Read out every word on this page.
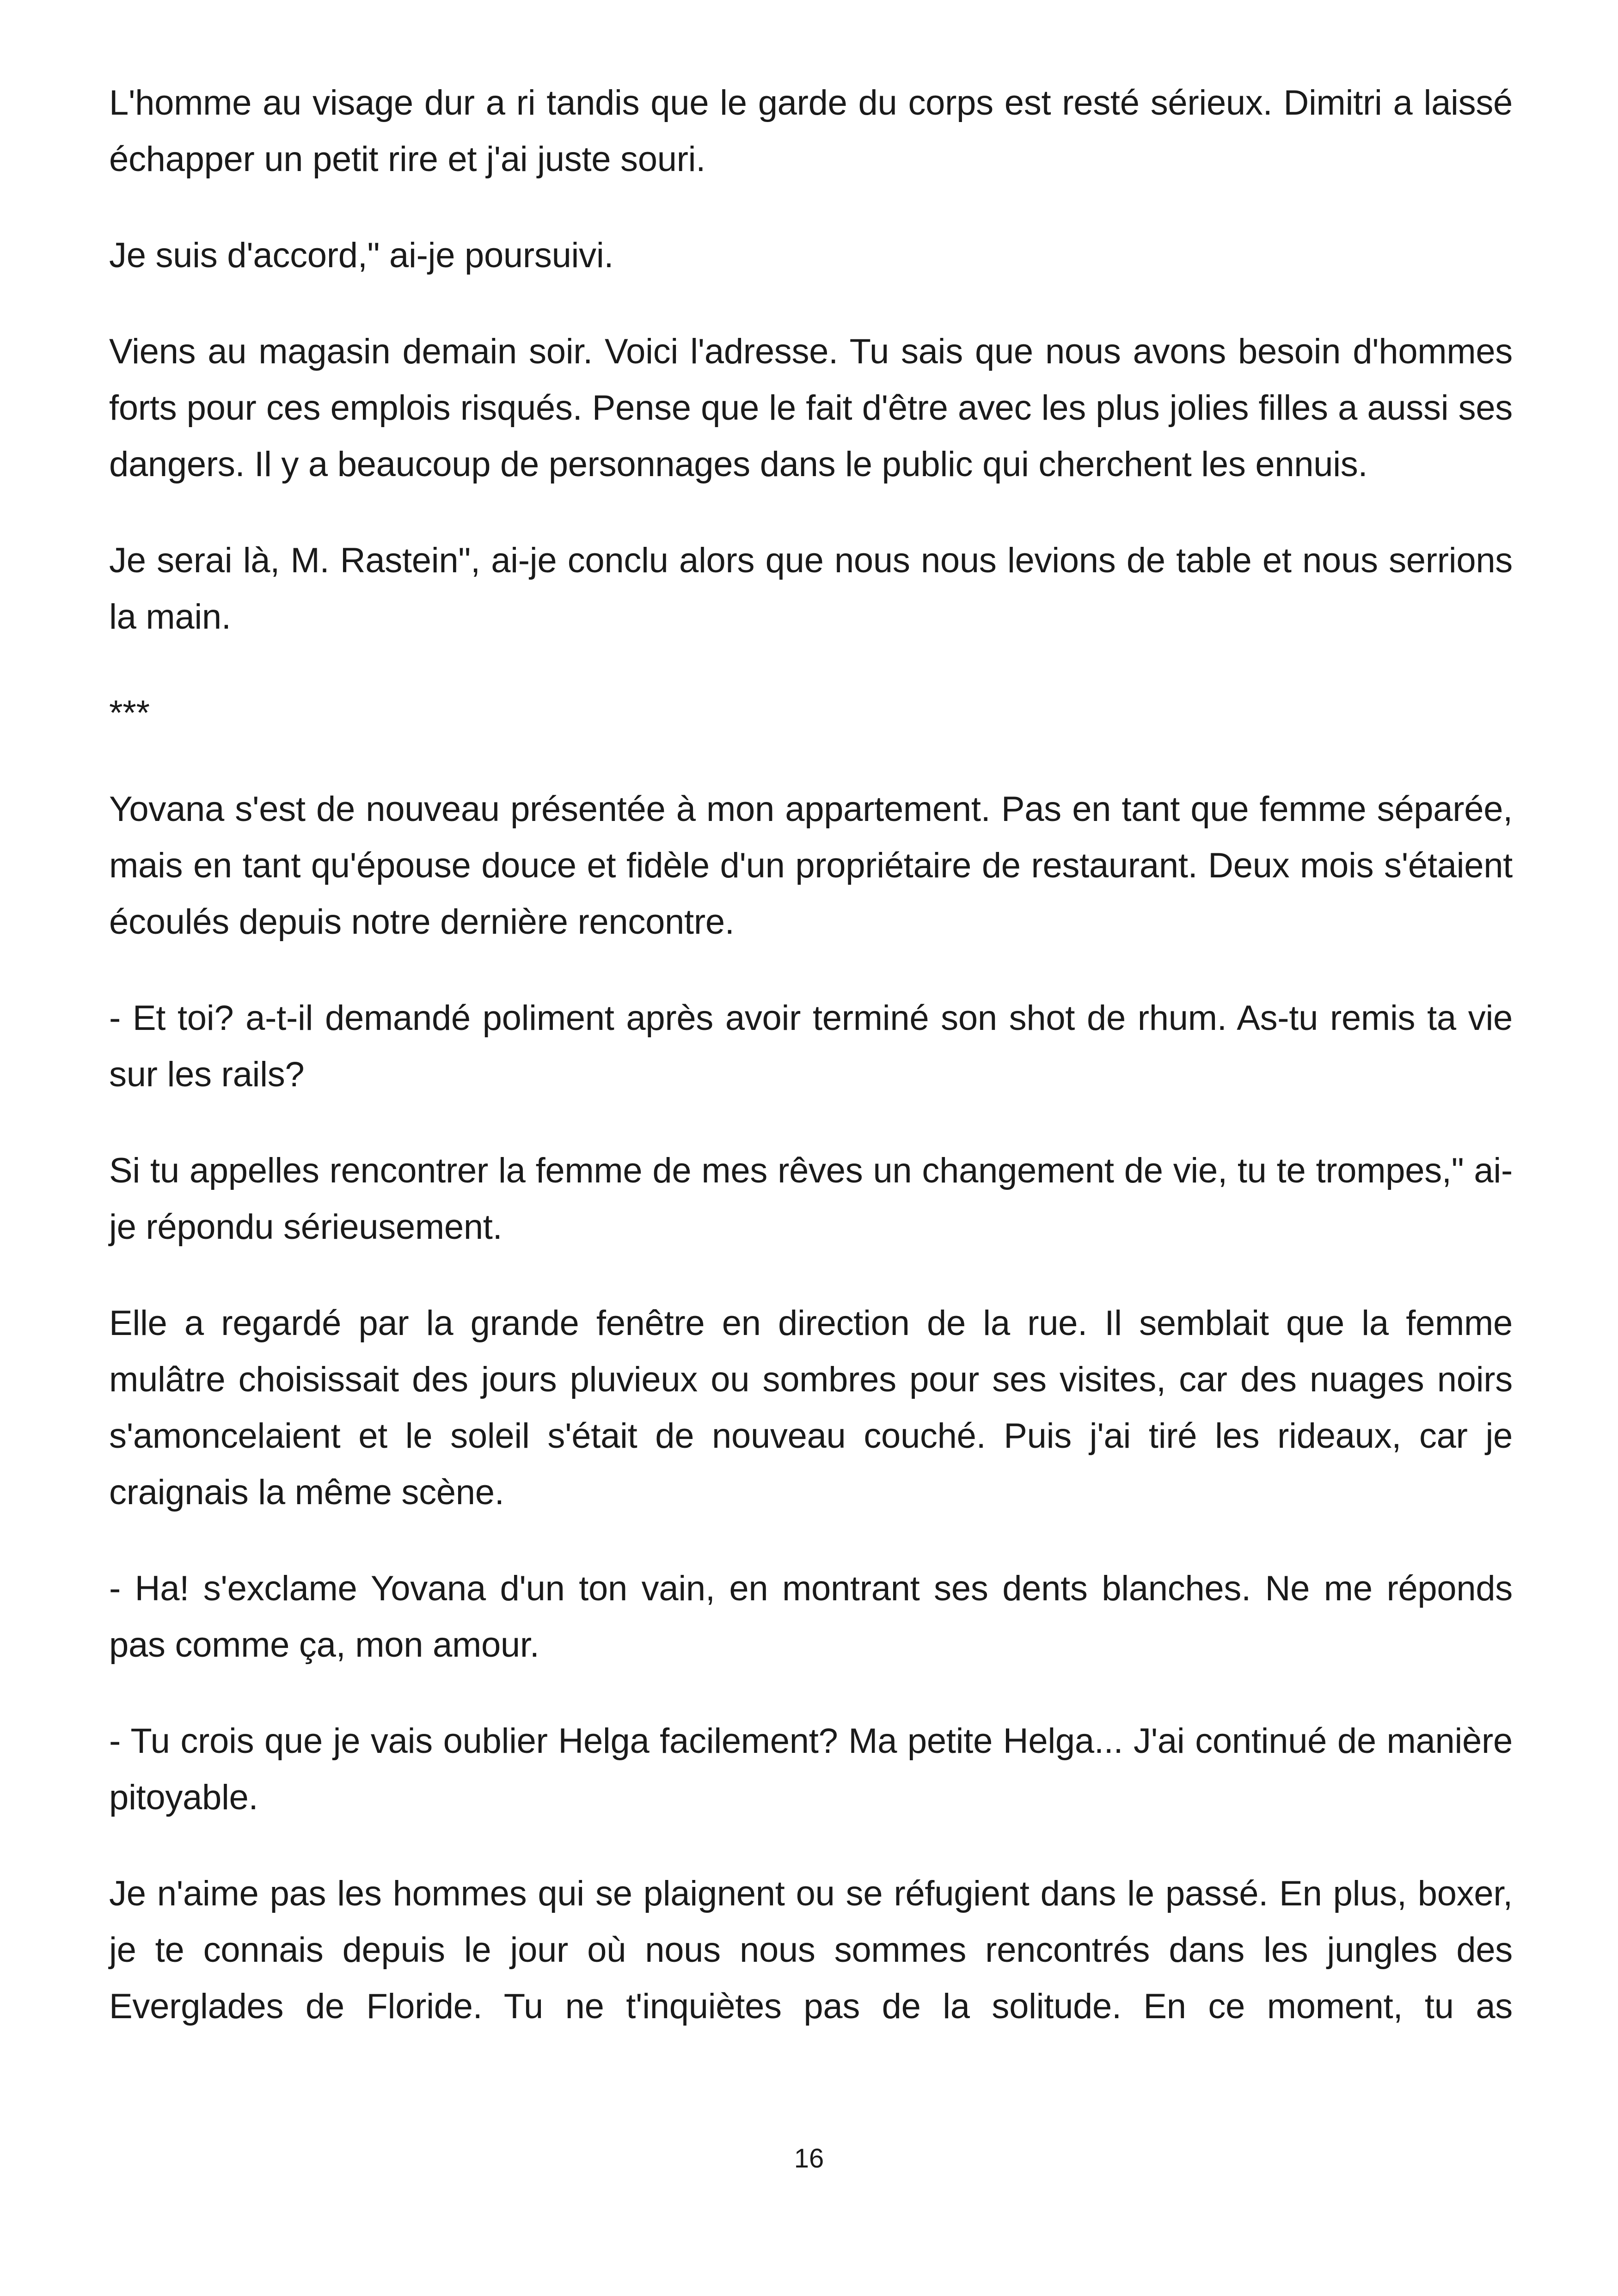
L'homme au visage dur a ri tandis que le garde du corps est resté sérieux. Dimitri a laissé échapper un petit rire et j'ai juste souri.

Je suis d'accord," ai-je poursuivi.

Viens au magasin demain soir. Voici l'adresse. Tu sais que nous avons besoin d'hommes forts pour ces emplois risqués. Pense que le fait d'être avec les plus jolies filles a aussi ses dangers. Il y a beaucoup de personnages dans le public qui cherchent les ennuis.

Je serai là, M. Rastein", ai-je conclu alors que nous nous levions de table et nous serrions la main.

***

Yovana s'est de nouveau présentée à mon appartement. Pas en tant que femme séparée, mais en tant qu'épouse douce et fidèle d'un propriétaire de restaurant. Deux mois s'étaient écoulés depuis notre dernière rencontre.

- Et toi? a-t-il demandé poliment après avoir terminé son shot de rhum. As-tu remis ta vie sur les rails?

Si tu appelles rencontrer la femme de mes rêves un changement de vie, tu te trompes," ai-je répondu sérieusement.

Elle a regardé par la grande fenêtre en direction de la rue. Il semblait que la femme mulâtre choisissait des jours pluvieux ou sombres pour ses visites, car des nuages noirs s'amoncelaient et le soleil s'était de nouveau couché. Puis j'ai tiré les rideaux, car je craignais la même scène.

- Ha! s'exclame Yovana d'un ton vain, en montrant ses dents blanches. Ne me réponds pas comme ça, mon amour.

- Tu crois que je vais oublier Helga facilement? Ma petite Helga... J'ai continué de manière pitoyable.

Je n'aime pas les hommes qui se plaignent ou se réfugient dans le passé. En plus, boxer, je te connais depuis le jour où nous nous sommes rencontrés dans les jungles des Everglades de Floride. Tu ne t'inquiètes pas de la solitude. En ce moment, tu as

16
